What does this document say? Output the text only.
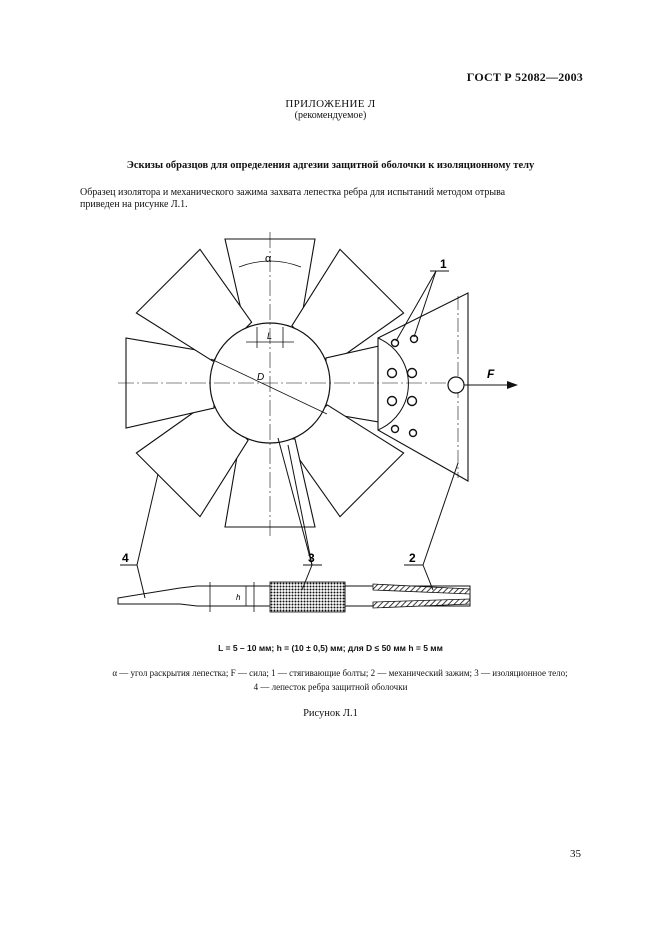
ГОСТ Р 52082—2003
ПРИЛОЖЕНИЕ Л
(рекомендуемое)
Эскизы образцов для определения адгезии защитной оболочки к изоляционному телу
Образец изолятора и механического зажима захвата лепестка ребра для испытаний методом отрыва
приведен на рисунке Л.1.
α
L
D	F
1
h
2
3
4
L = 5 – 10 мм; h = (10 ± 0,5) мм; для D ≤ 50 мм h = 5 мм
α — угол раскрытия лепестка; F — сила; 1 — стягивающие болты; 2 — механический зажим; 3 — изоляционное тело;
4 — лепесток ребра защитной оболочки
Рисунок Л.1
35
